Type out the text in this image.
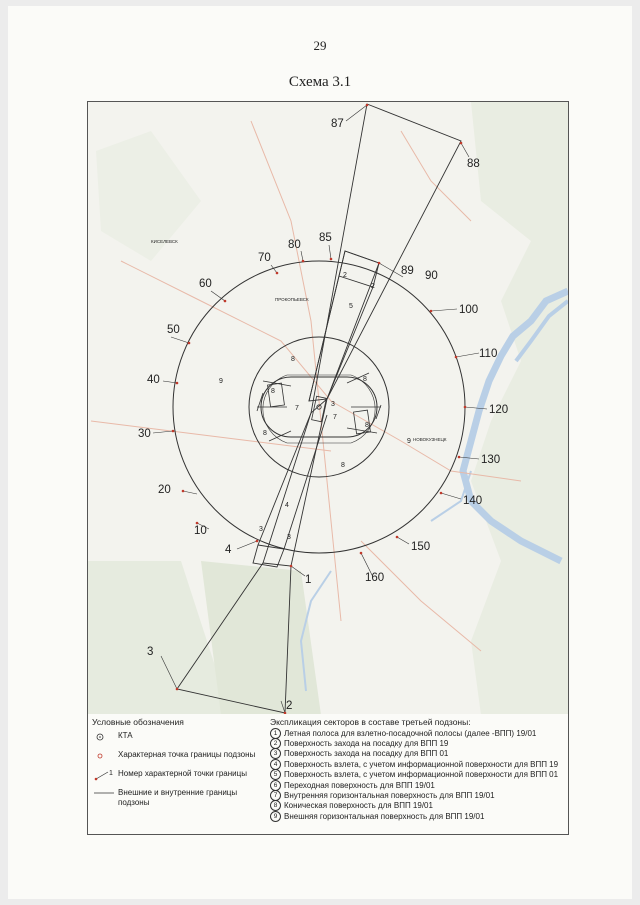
29
Схема 3.1
НОВОКУЗНЕЦК
ПРОКОПЬЕВСК
КИСЕЛЕВСК
2
2
5
8
8
8
8
8
8
7
7
3
9
9
4
3
3
87
88
85
80
70
89 90
60
100
50
110
40
120
30
130
20
140
10
4	150
1	160
3
2
Условные обозначения
КТА
Характерная точка границы подзоны
1 Номер характерной точки границы
Внешние и внутренние границы подзоны
Экспликация секторов в составе третьей подзоны:
1 Летная полоса для взлетно-посадочной полосы (далее -ВПП) 19/01
2 Поверхность захода на посадку для ВПП 19
3 Поверхность захода на посадку для ВПП 01
4 Поверхность взлета, с учетом информационной поверхности для ВПП 19
5 Поверхность взлета, с учетом информационной поверхности для ВПП 01
6 Переходная поверхность для ВПП 19/01
7 Внутренняя горизонтальная поверхность для ВПП 19/01
8 Коническая поверхность для ВПП 19/01
9 Внешняя горизонтальная поверхность для ВПП 19/01
